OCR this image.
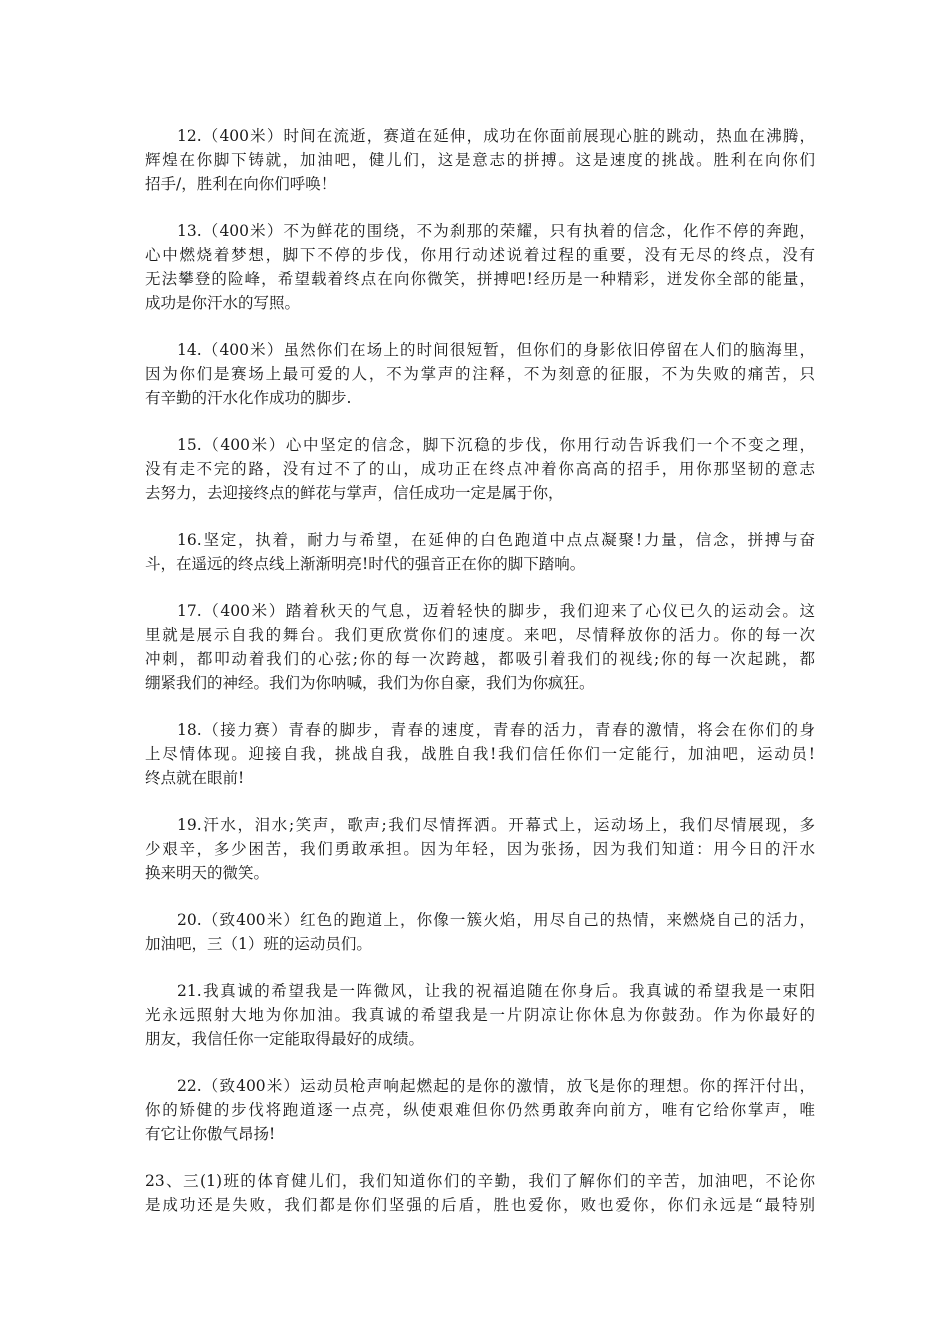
12.（400米）时间在流逝，赛道在延伸，成功在你面前展现心脏的跳动，热血在沸腾，
辉煌在你脚下铸就，加油吧，健儿们，这是意志的拼搏。这是速度的挑战。胜利在向你们
招手/，胜利在向你们呼唤！

13.（400米）不为鲜花的围绕，不为刹那的荣耀，只有执着的信念，化作不停的奔跑，
心中燃烧着梦想，脚下不停的步伐，你用行动述说着过程的重要，没有无尽的终点，没有
无法攀登的险峰，希望载着终点在向你微笑，拼搏吧!经历是一种精彩，迸发你全部的能量，
成功是你汗水的写照。

14.（400米）虽然你们在场上的时间很短暂，但你们的身影依旧停留在人们的脑海里，
因为你们是赛场上最可爱的人，不为掌声的注释，不为刻意的征服，不为失败的痛苦，只
有辛勤的汗水化作成功的脚步.

15.（400米）心中坚定的信念，脚下沉稳的步伐，你用行动告诉我们一个不变之理，
没有走不完的路，没有过不了的山，成功正在终点冲着你高高的招手，用你那坚韧的意志
去努力，去迎接终点的鲜花与掌声，信任成功一定是属于你，

16.坚定，执着，耐力与希望，在延伸的白色跑道中点点凝聚!力量，信念，拼搏与奋
斗，在遥远的终点线上渐渐明亮!时代的强音正在你的脚下踏响。

17.（400米）踏着秋天的气息，迈着轻快的脚步，我们迎来了心仪已久的运动会。这
里就是展示自我的舞台。我们更欣赏你们的速度。来吧，尽情释放你的活力。你的每一次
冲刺，都叩动着我们的心弦;你的每一次跨越，都吸引着我们的视线;你的每一次起跳，都
绷紧我们的神经。我们为你呐喊，我们为你自豪，我们为你疯狂。

18.（接力赛）青春的脚步，青春的速度，青春的活力，青春的激情，将会在你们的身
上尽情体现。迎接自我，挑战自我，战胜自我!我们信任你们一定能行，加油吧，运动员!
终点就在眼前!

19.汗水，泪水;笑声，歌声;我们尽情挥洒。开幕式上，运动场上，我们尽情展现，多
少艰辛，多少困苦，我们勇敢承担。因为年轻，因为张扬，因为我们知道：用今日的汗水
换来明天的微笑。

20.（致400米）红色的跑道上，你像一簇火焰，用尽自己的热情，来燃烧自己的活力，
加油吧，三（1）班的运动员们。

21.我真诚的希望我是一阵微风，让我的祝福追随在你身后。我真诚的希望我是一束阳
光永远照射大地为你加油。我真诚的希望我是一片阴凉让你休息为你鼓劲。作为你最好的
朋友，我信任你一定能取得最好的成绩。

22.（致400米）运动员枪声响起燃起的是你的激情，放飞是你的理想。你的挥汗付出，
你的矫健的步伐将跑道逐一点亮，纵使艰难但你仍然勇敢奔向前方，唯有它给你掌声，唯
有它让你傲气昂扬!

23、三(1)班的体育健儿们，我们知道你们的辛勤，我们了解你们的辛苦，加油吧，不论你
是成功还是失败，我们都是你们坚强的后盾，胜也爱你，败也爱你，你们永远是“最特别
